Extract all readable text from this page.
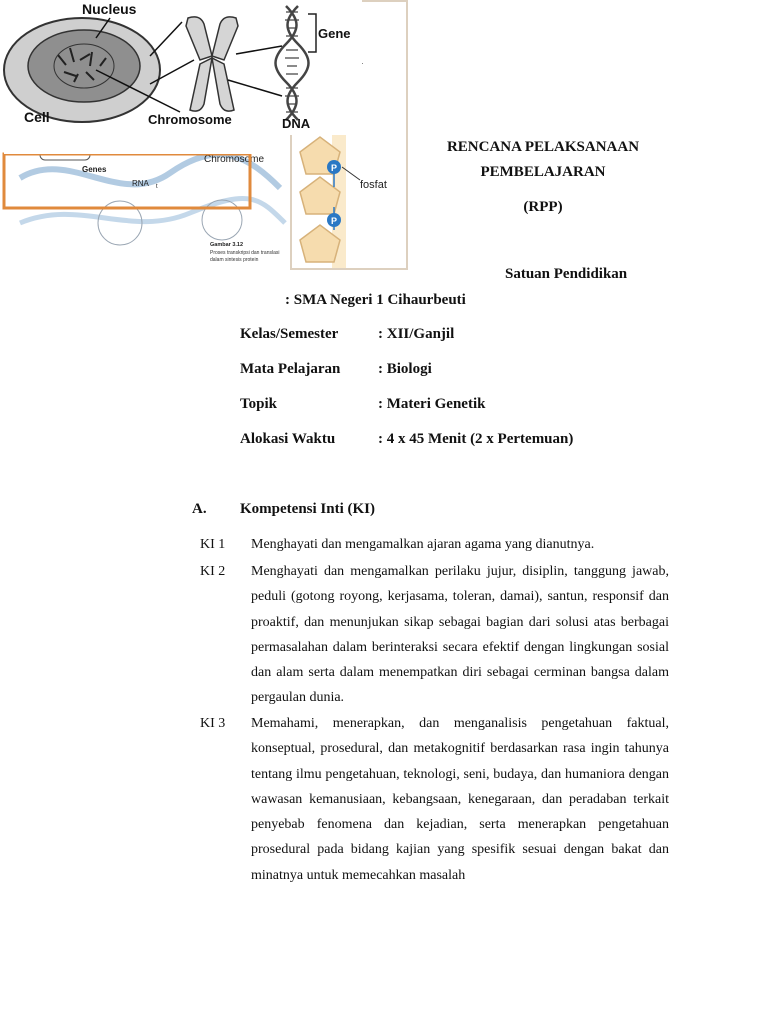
P
P
fosfat
Chromosome
Genes
RNA t
Gambar 3.12
Proses transkripsi dan translasi
dalam sintesis protein
Nucleus
Cell	Chromosome
Gene
DNA
RENCANA PELAKSANAAN
PEMBELAJARAN
(RPP)
Satuan Pendidikan
: SMA Negeri 1 Cihaurbeuti
Kelas/Semester	: XII/Ganjil
Mata Pelajaran	: Biologi
Topik	: Materi Genetik
Alokasi Waktu	: 4 x 45 Menit (2 x Pertemuan)
A. Kompetensi Inti (KI)
KI 1 Menghayati dan mengamalkan ajaran agama yang dianutnya.
KI 2 Menghayati dan mengamalkan perilaku jujur, disiplin, tanggung jawab, peduli (gotong royong, kerjasama, toleran, damai), santun, responsif dan proaktif, dan menunjukan sikap sebagai bagian dari solusi atas berbagai permasalahan dalam berinteraksi secara efektif dengan lingkungan sosial dan alam serta dalam menempatkan diri sebagai cerminan bangsa dalam pergaulan dunia.
KI 3 Memahami, menerapkan, dan menganalisis pengetahuan faktual, konseptual, prosedural, dan metakognitif berdasarkan rasa ingin tahunya tentang ilmu pengetahuan, teknologi, seni, budaya, dan humaniora dengan wawasan kemanusiaan, kebangsaan, kenegaraan, dan peradaban terkait penyebab fenomena dan kejadian, serta menerapkan pengetahuan prosedural pada bidang kajian yang spesifik sesuai dengan bakat dan minatnya untuk memecahkan masalah
